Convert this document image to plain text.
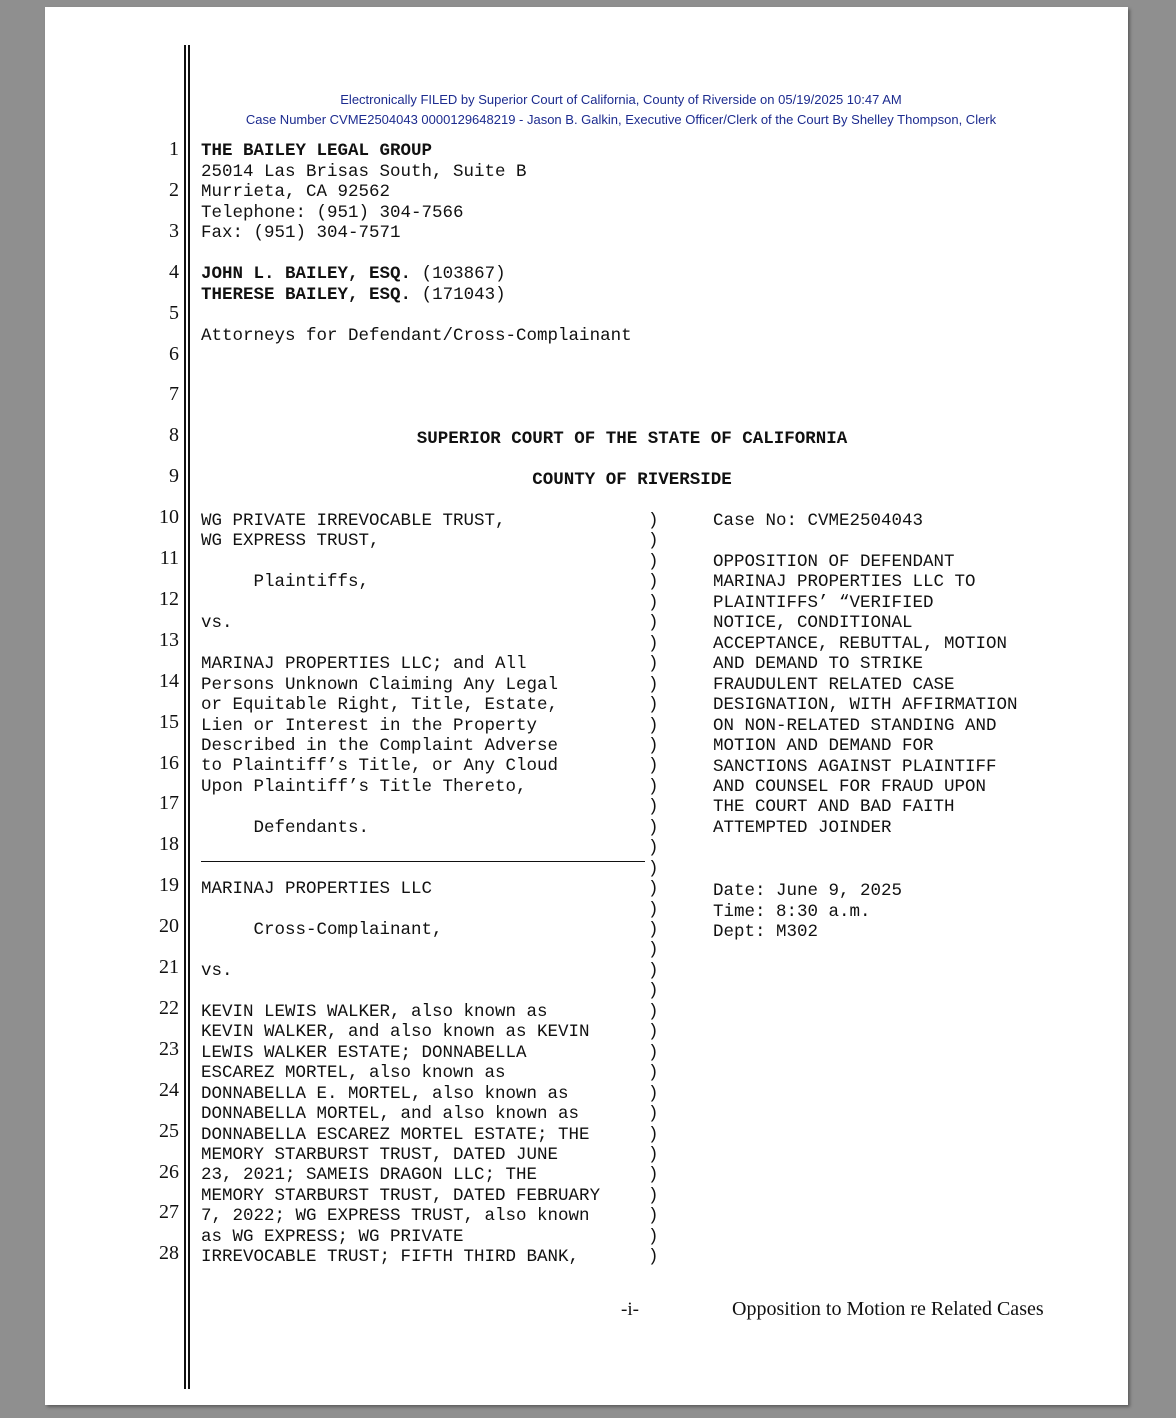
Electronically FILED by Superior Court of California, County of Riverside on 05/19/2025 10:47 AM
Case Number CVME2504043 0000129648219 - Jason B. Galkin, Executive Officer/Clerk of the Court By Shelley Thompson, Clerk
1
2
3
4
5
6
7
8
9
10
11
12
13
14
15
16
17
18
19
20
21
22
23
24
25
26
27
28
THE BAILEY LEGAL GROUP
25014 Las Brisas South, Suite B
Murrieta, CA 92562
Telephone: (951) 304-7566
Fax: (951) 304-7571
JOHN L. BAILEY, ESQ. (103867)
THERESE BAILEY, ESQ. (171043)
Attorneys for Defendant/Cross-Complainant
SUPERIOR COURT OF THE STATE OF CALIFORNIA
COUNTY OF RIVERSIDE
WG PRIVATE IRREVOCABLE TRUST,
WG EXPRESS TRUST,
Plaintiffs,
vs.
MARINAJ PROPERTIES LLC; and All
Persons Unknown Claiming Any Legal
or Equitable Right, Title, Estate,
Lien or Interest in the Property
Described in the Complaint Adverse
to Plaintiff’s Title, or Any Cloud
Upon Plaintiff’s Title Thereto,
Defendants.
MARINAJ PROPERTIES LLC
Cross-Complainant,
vs.
KEVIN LEWIS WALKER, also known as
KEVIN WALKER, and also known as KEVIN
LEWIS WALKER ESTATE; DONNABELLA
ESCAREZ MORTEL, also known as
DONNABELLA E. MORTEL, also known as
DONNABELLA MORTEL, and also known as
DONNABELLA ESCAREZ MORTEL ESTATE; THE
MEMORY STARBURST TRUST, DATED JUNE
23, 2021; SAMEIS DRAGON LLC; THE
MEMORY STARBURST TRUST, DATED FEBRUARY
7, 2022; WG EXPRESS TRUST, also known
as WG EXPRESS; WG PRIVATE
IRREVOCABLE TRUST; FIFTH THIRD BANK,
)
)
)
)
)
)
)
)
)
)
)
)
)
)
)
)
)
)
)
)
)
)
)
)
)
)
)
)
)
)
)
)
)
)
)
)
)
Case No: CVME2504043
OPPOSITION OF DEFENDANT
MARINAJ PROPERTIES LLC TO
PLAINTIFFS’ “VERIFIED
NOTICE, CONDITIONAL
ACCEPTANCE, REBUTTAL, MOTION
AND DEMAND TO STRIKE
FRAUDULENT RELATED CASE
DESIGNATION, WITH AFFIRMATION
ON NON-RELATED STANDING AND
MOTION AND DEMAND FOR
SANCTIONS AGAINST PLAINTIFF
AND COUNSEL FOR FRAUD UPON
THE COURT AND BAD FAITH
ATTEMPTED JOINDER
Date: June 9, 2025
Time: 8:30 a.m.
Dept: M302
-i-	Opposition to Motion re Related Cases
